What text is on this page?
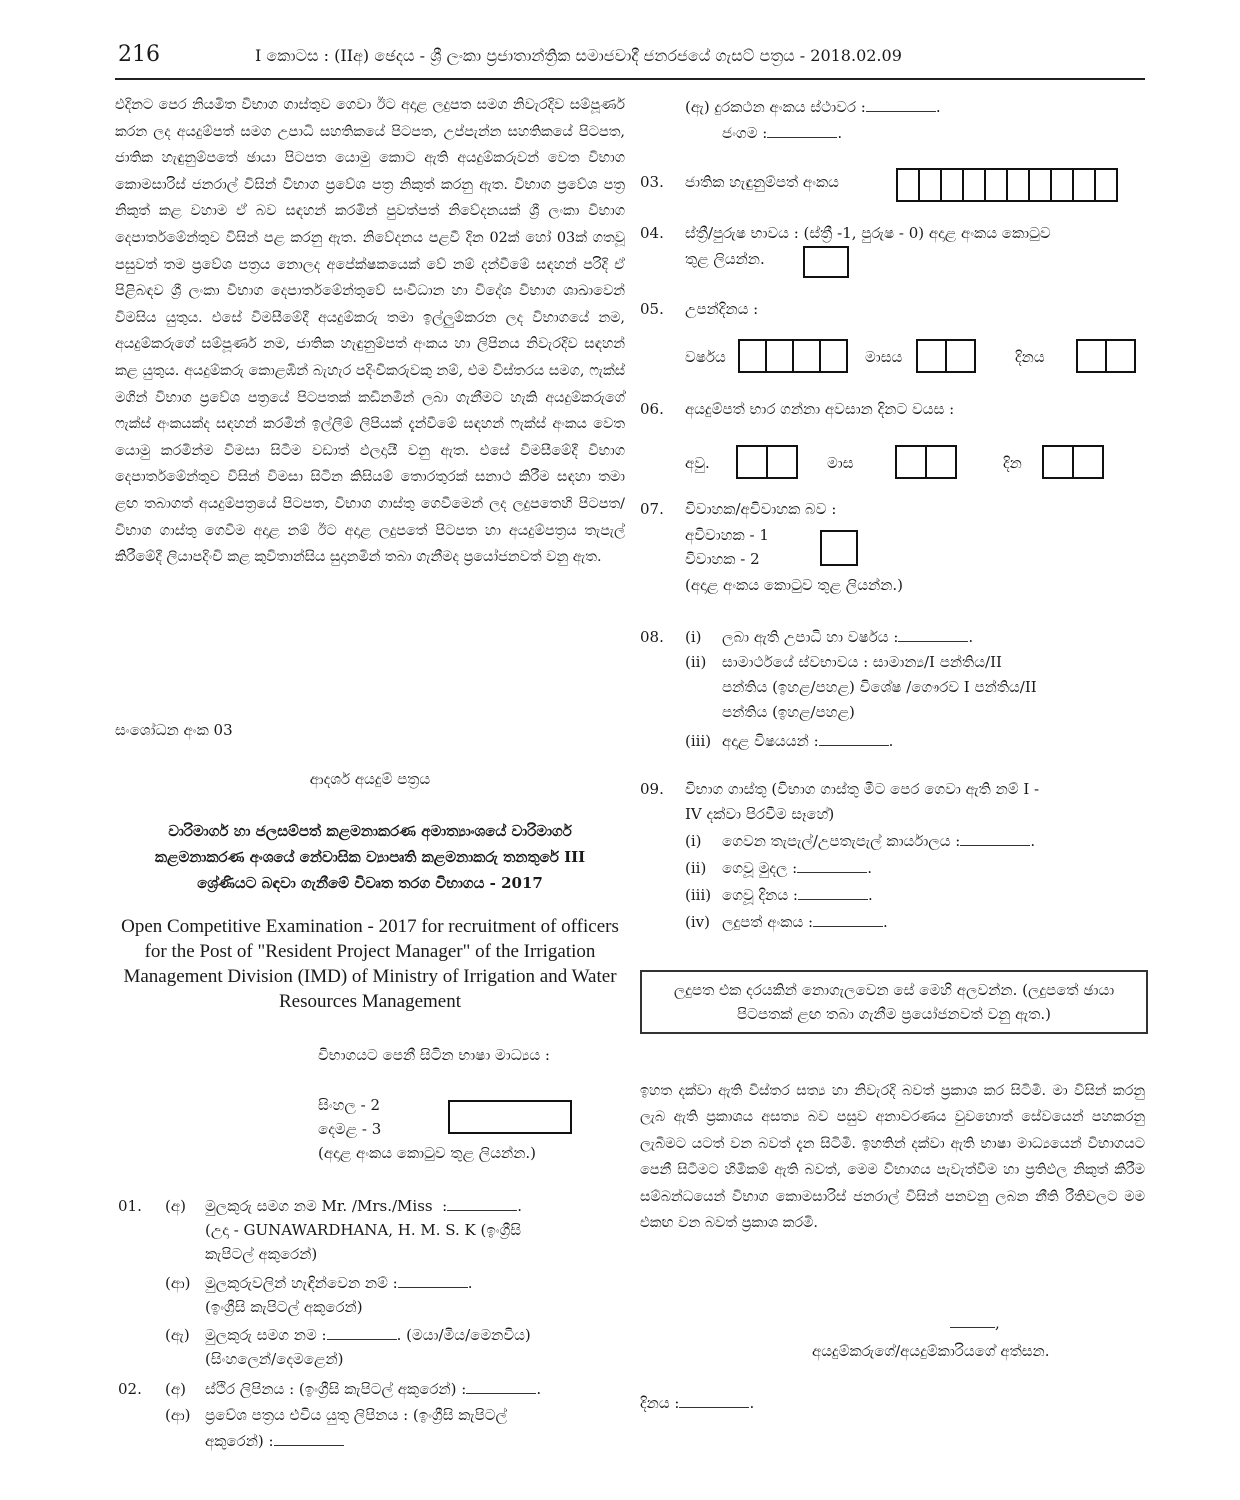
216	I කොටස : (IIඅ) ඡෙදය - ශ්‍රී ලංකා ප්‍රජාතාන්ත්‍රික සමාජවාදී ජනරජයේ ගැසට් පත්‍රය - 2018.02.09

එදිනට පෙර නියමිත විභාග ගාස්තුව ගෙවා ඊට අදාළ ලදුපත සමග නිවැරදිව සම්පූර්ණ කරන ලද අයදුම්පත් සමග උපාධි සහතිකයේ පිටපත, උප්පැන්න සහතිකයේ පිටපත, ජාතික හැඳුනුම්පතේ ඡායා පිටපත යොමු කොට ඇති අයදුම්කරුවන් වෙත විභාග කොමසාරිස් ජනරාල් විසින් විභාග ප්‍රවේශ පත්‍ර නිකුත් කරනු ඇත. විභාග ප්‍රවේශ පත්‍ර නිකුත් කළ වහාම ඒ බව සඳහන් කරමින් පුවත්පත් නිවේදනයක් ශ්‍රී ලංකා විභාග දෙපාර්තමේන්තුව විසින් පළ කරනු ඇත. නිවේදනය පළවී දින 02ක් හෝ 03ක් ගතවූ පසුවත් තම ප්‍රවේශ පත්‍රය නොලද අපේක්ෂකයෙක් වේ නම් දන්වීමේ සඳහන් පරිදි ඒ පිළිබඳව ශ්‍රී ලංකා විභාග දෙපාර්තමේන්තුවේ සංවිධාන හා විදේශ විභාග ශාඛාවෙන් විමසිය යුතුය. එසේ විමසීමේදී අයදුම්කරු තමා ඉල්ලුම්කරන ලද විභාගයේ නම, අයදුම්කරුගේ සම්පූර්ණ නම, ජාතික හැඳුනුම්පත් අංකය හා ලිපිනය නිවැරදිව සඳහන් කළ යුතුය. අයදුම්කරු කොළඹින් බැහැර පදිංචිකරුවකු නම්, එම විස්තරය සමග, ෆැක්ස් මගින් විභාග ප්‍රවේශ පත්‍රයේ පිටපතක් කඩිනමින් ලබා ගැනීමට හැකි අයදුම්කරුගේ ෆැක්ස් අංකයක්ද සඳහන් කරමින් ඉල්ලීම් ලිපියක් දැන්වීමේ සඳහන් ෆැක්ස් අංකය වෙත යොමු කරමින්ම විමසා සිටීම වඩාත් ඵලදායී වනු ඇත. එසේ විමසීමේදී විභාග දෙපාර්තමේන්තුව විසින් විමසා සිටින කිසියම් තොරතුරක් සනාථ කිරීම සඳහා තමා ළඟ තබාගත් අයදුම්පත්‍රයේ පිටපත, විභාග ගාස්තු ගෙවීමෙන් ලද ලදුපතෙහි පිටපත/විභාග ගාස්තු ගෙවීම අදාළ නම් ඊට අදාළ ලදුපතේ පිටපත හා අයදුම්පත්‍රය තැපැල් කිරීමේදී ලියාපදිංචි කළ කුවිතාන්සිය සුදානමින් තබා ගැනීමද ප්‍රයෝජනවත් වනු ඇත.

සංශෝධන අංක 03
ආදර්ශ අයදුම් පත්‍රය
වාරිමාර්ග හා ජලසම්පත් කළමනාකරණ අමාත්‍යාංශයේ වාරිමාර්ග කළමනාකරණ අංශයේ නේවාසික ව්‍යාපෘති කළමනාකරු තනතුරේ III ශ්‍රේණියට බඳවා ගැනීමේ විවෘත තරග විභාගය - 2017
Open Competitive Examination - 2017 for recruitment of officers for the Post of "Resident Project Manager" of the Irrigation Management Division (IMD) of Ministry of Irrigation and Water Resources Management
විභාගයට පෙනී සිටින භාෂා මාධ්‍යය :
සිංහල - 2
දෙමළ - 3
(අදාළ අංකය කොටුව තුළ ලියන්න.)
01. (අ) මුලකුරු සමග නම Mr. /Mrs./Miss  :	.
(උදා - GUNAWARDHANA, H. M. S. K (ඉංග්‍රීසි
කැපිටල් අකුරෙන්)
(ආ) මුලකුරුවලින් හැඳින්වෙන නම් :	.
(ඉංග්‍රීසි කැපිටල් අකුරෙන්)
(ඇ) මුලකුරු සමග නම :	. (මයා/මිය/මෙනවිය)
(සිංහලෙන්/දෙමළෙන්)
02. (අ) ස්ථිර ලිපිනය : (ඉංග්‍රීසි කැපිටල් අකුරෙන්) :	.
(ආ) ප්‍රවේශ පත්‍රය එවිය යුතු ලිපිනය : (ඉංග්‍රීසි කැපිටල්
අකුරෙන්) :
(ඇ) දුරකථන අංකය ස්ථාවර :	.
ජංගම :	.
03. ජාතික හැඳුනුම්පත් අංකය
04. ස්ත්‍රී/පුරුෂ භාවය : (ස්ත්‍රී -1, පුරුෂ - 0) අදාළ අංකය කොටුව
තුළ ලියන්න.
05. උපන්දිනය :
වර්ෂය	මාසය	දිනය
06. අයදුම්පත් භාර ගන්නා අවසාන දිනට වයස :
අවු.	මාස	දින
07. විවාහක/අවිවාහක බව :
අවිවාහක - 1
විවාහක - 2
(අදාළ අංකය කොටුව තුළ ලියන්න.)
08. (i) ලබා ඇති උපාධි හා වර්ෂය :	.
(ii) සාමාර්ථයේ ස්වභාවය : සාමාන්‍ය/I පන්තිය/II
පන්තිය (ඉහළ/පහළ) විශේෂ /ගෞරව I පන්තිය/II
පන්තිය (ඉහළ/පහළ)
(iii) අදාළ විෂයයන් :	.
09. විභාග ගාස්තු (විභාග ගාස්තු මීට පෙර ගෙවා ඇති නම් I -
IV දක්වා පිරවීම සෑහේ)
(i) ගෙවන තැපැල්/උපතැපැල් කාර්යාලය :	.
(ii) ගෙවූ මුදල :	.
(iii) ගෙවූ දිනය :	.
(iv) ලදුපත් අංකය :	.
ලදුපත එක දරයකින් නොගැලවෙන සේ මෙහි අලවන්න. (ලදුපතේ ඡායා පිටපතක් ළඟ තබා ගැනීම ප්‍රයෝජනවත් වනු ඇත.)

ඉහත දක්වා ඇති විස්තර සත්‍ය හා නිවැරදි බවත් ප්‍රකාශ කර සිටිමි. මා විසින් කරනු ලැබ ඇති ප්‍රකාශය අසත්‍ය බව පසුව අනාවරණය වුවහොත් සේවයෙන් පහකරනු ලැබීමට යටත් වන බවත් දැන සිටිමි. ඉහතින් දක්වා ඇති භාෂා මාධ්‍යයෙන් විභාගයට පෙනී සිටීමට හිමිකම් ඇති බවත්, මෙම විභාගය පැවැත්වීම හා ප්‍රතිඵල නිකුත් කිරීම සම්බන්ධයෙන් විභාග කොමසාරිස් ජනරාල් විසින් පනවනු ලබන නීති රීතිවලට මම එකඟ වන බවත් ප්‍රකාශ කරමි.

,
අයදුම්කරුගේ/අයදුම්කාරියගේ අත්සන.
දිනය :	.
